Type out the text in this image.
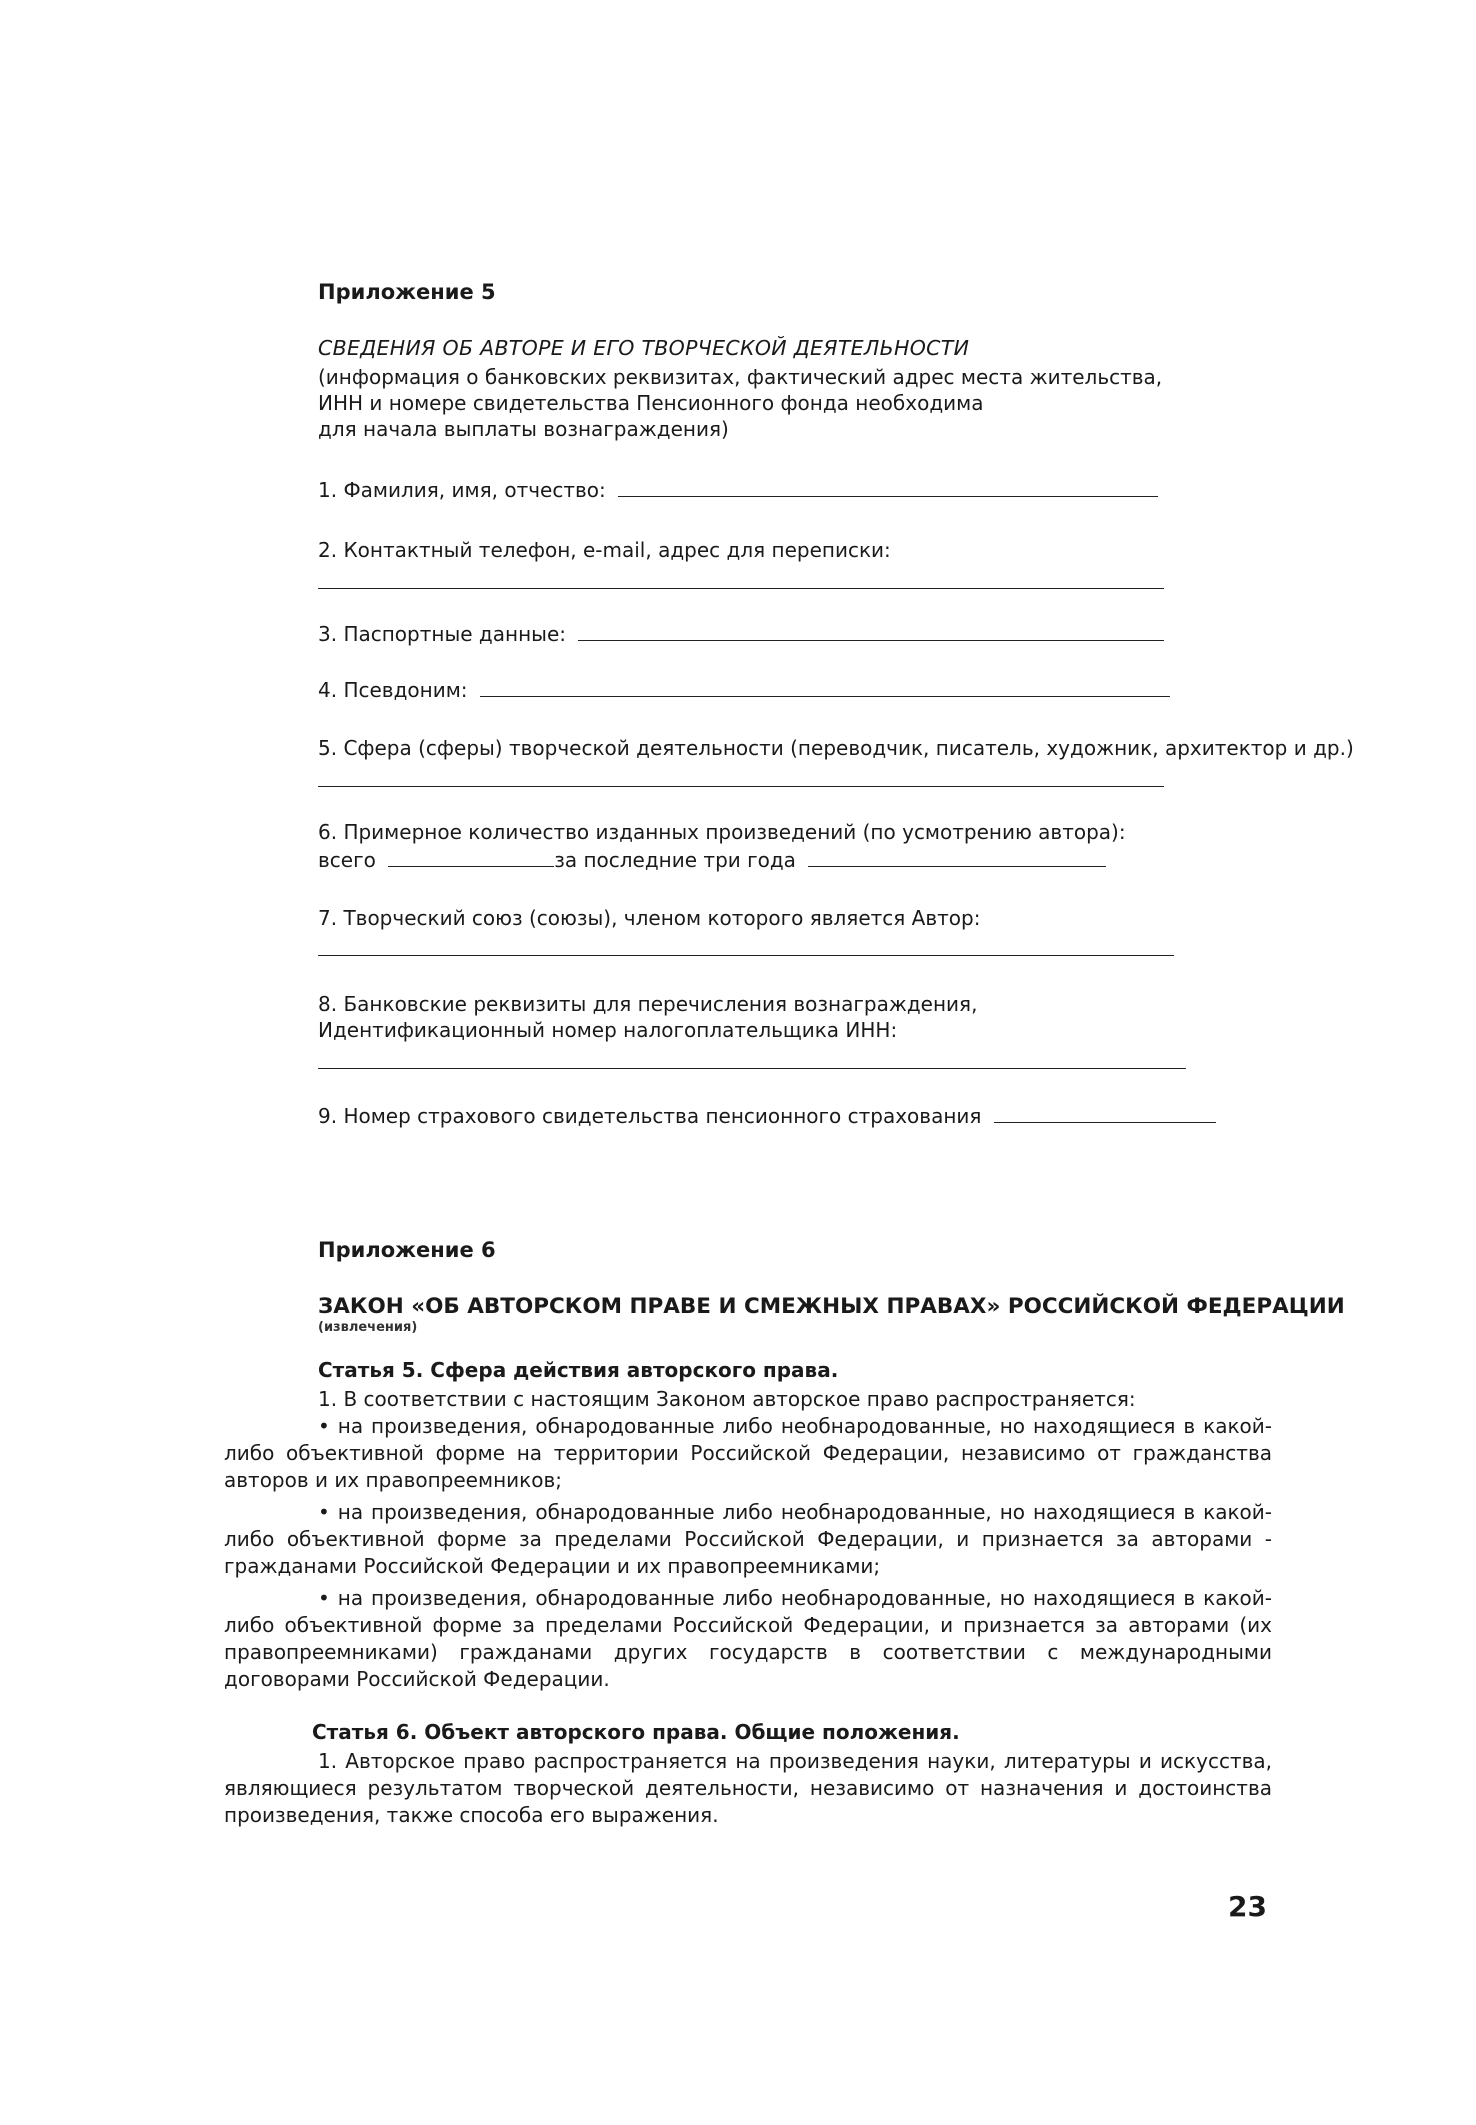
Приложение 5
СВЕДЕНИЯ ОБ АВТОРЕ И ЕГО ТВОРЧЕСКОЙ ДЕЯТЕЛЬНОСТИ
(информация о банковских реквизитах, фактический адрес места жительства,
ИНН и номере свидетельства Пенсионного фонда необходима
для начала выплаты вознаграждения)
1. Фамилия, имя, отчество:
2. Контактный телефон, e-mail, адрес для переписки:
3. Паспортные данные:
4. Псевдоним:
5. Сфера (сферы) творческой деятельности (переводчик, писатель, художник, архитектор и др.)
6. Примерное количество изданных произведений (по усмотрению автора):
всего	за последние три года
7. Творческий союз (союзы), членом которого является Автор:
8. Банковские реквизиты для перечисления вознаграждения,
Идентификационный номер налогоплательщика ИНН:
9. Номер страхового свидетельства пенсионного страхования
Приложение 6
ЗАКОН «ОБ АВТОРСКОМ ПРАВЕ И СМЕЖНЫХ ПРАВАХ» РОССИЙСКОЙ ФЕДЕРАЦИИ
(извлечения)
Статья 5. Сфера действия авторского права.
1. В соответствии с настоящим Законом авторское право распространяется:
• на произведения, обнародованные либо необнародованные, но находящиеся в какой-либо объективной форме на территории Российской Федерации, независимо от гражданства авторов и их правопреемников;
• на произведения, обнародованные либо необнародованные, но находящиеся в какой-либо объективной форме за пределами Российской Федерации, и признается за авторами - гражданами Российской Федерации и их правопреемниками;
• на произведения, обнародованные либо необнародованные, но находящиеся в какой-либо объективной форме за пределами Российской Федерации, и признается за авторами (их правопреемниками) гражданами других государств в соответствии с международными договорами Российской Федерации.
Статья 6. Объект авторского права. Общие положения.
1. Авторское право распространяется на произведения науки, литературы и искусства, являющиеся результатом творческой деятельности, независимо от назначения и достоинства произведения, также способа его выражения.
23
